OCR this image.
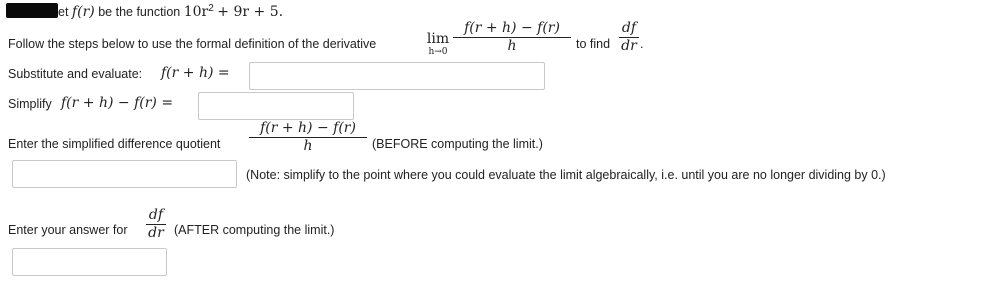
et f(r) be the function $10r^2 + 9r + 5$.
Follow the steps below to use the formal definition of the derivative	lim
h→0
f(r + h) − f(r)
h	to find
df
dr .
Substitute and evaluate: f(r + h) =
Simplify f(r + h) − f(r) =
Enter the simplified difference quotient
f(r + h) − f(r)
h	(BEFORE computing the limit.)
(Note: simplify to the point where you could evaluate the limit algebraically, i.e. until you are no longer dividing by 0.)
Enter your answer for
df
dr (AFTER computing the limit.)
